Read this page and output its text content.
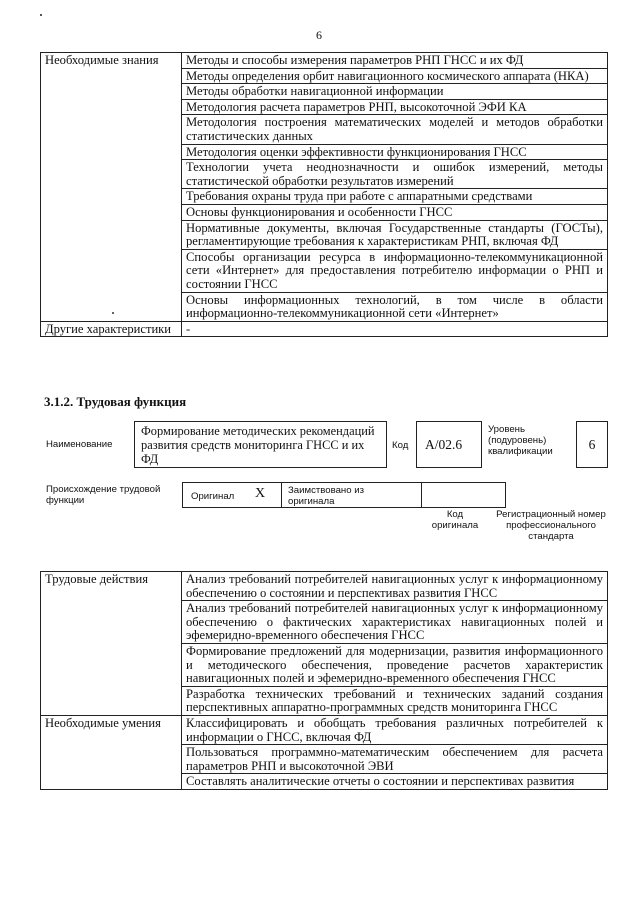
6
Необходимые знания	Методы и способы измерения параметров РНП ГНСС и их ФД
	Методы определения орбит навигационного космического аппарата (НКА)
	Методы обработки навигационной информации
	Методология расчета параметров РНП, высокоточной ЭФИ КА
	Методология построения математических моделей и методов обработки статистических данных
	Методология оценки эффективности функционирования ГНСС
	Технологии учета неоднозначности и ошибок измерений, методы статистической обработки результатов измерений
	Требования охраны труда при работе с аппаратными средствами
	Основы функционирования и особенности ГНСС
	Нормативные документы, включая Государственные стандарты (ГОСТы), регламентирующие требования к характеристикам РНП, включая ФД
	Способы организации ресурса в информационно-телекоммуникационной сети «Интернет» для предоставления потребителю информации о РНП и состоянии ГНСС
	Основы информационных технологий, в том числе в области информационно-телекоммуникационной сети «Интернет»
Другие характеристики	-
3.1.2. Трудовая функция
Наименование
Формирование методических рекомендаций развития средств мониторинга ГНСС и их ФД
Код	А/02.6
Уровень (подуровень) квалификации	6
Происхождение трудовой функции	Оригинал X Заимствовано из оригинала
Код оригинала
Регистрационный номер профессионального стандарта
Трудовые действия	Анализ требований потребителей навигационных услуг к информационному обеспечению о состоянии и перспективах развития ГНСС
	Анализ требований потребителей навигационных услуг к информационному обеспечению о фактических характеристиках навигационных полей и эфемеридно-временного обеспечения ГНСС
	Формирование предложений для модернизации, развития информационного и методического обеспечения, проведение расчетов характеристик навигационных полей и эфемеридно-временного обеспечения ГНСС
	Разработка технических требований и технических заданий создания перспективных аппаратно-программных средств мониторинга ГНСС
Необходимые умения	Классифицировать и обобщать требования различных потребителей к информации о ГНСС, включая ФД
	Пользоваться программно-математическим обеспечением для расчета параметров РНП и высокоточной ЭВИ
	Составлять аналитические отчеты о состоянии и перспективах развития
